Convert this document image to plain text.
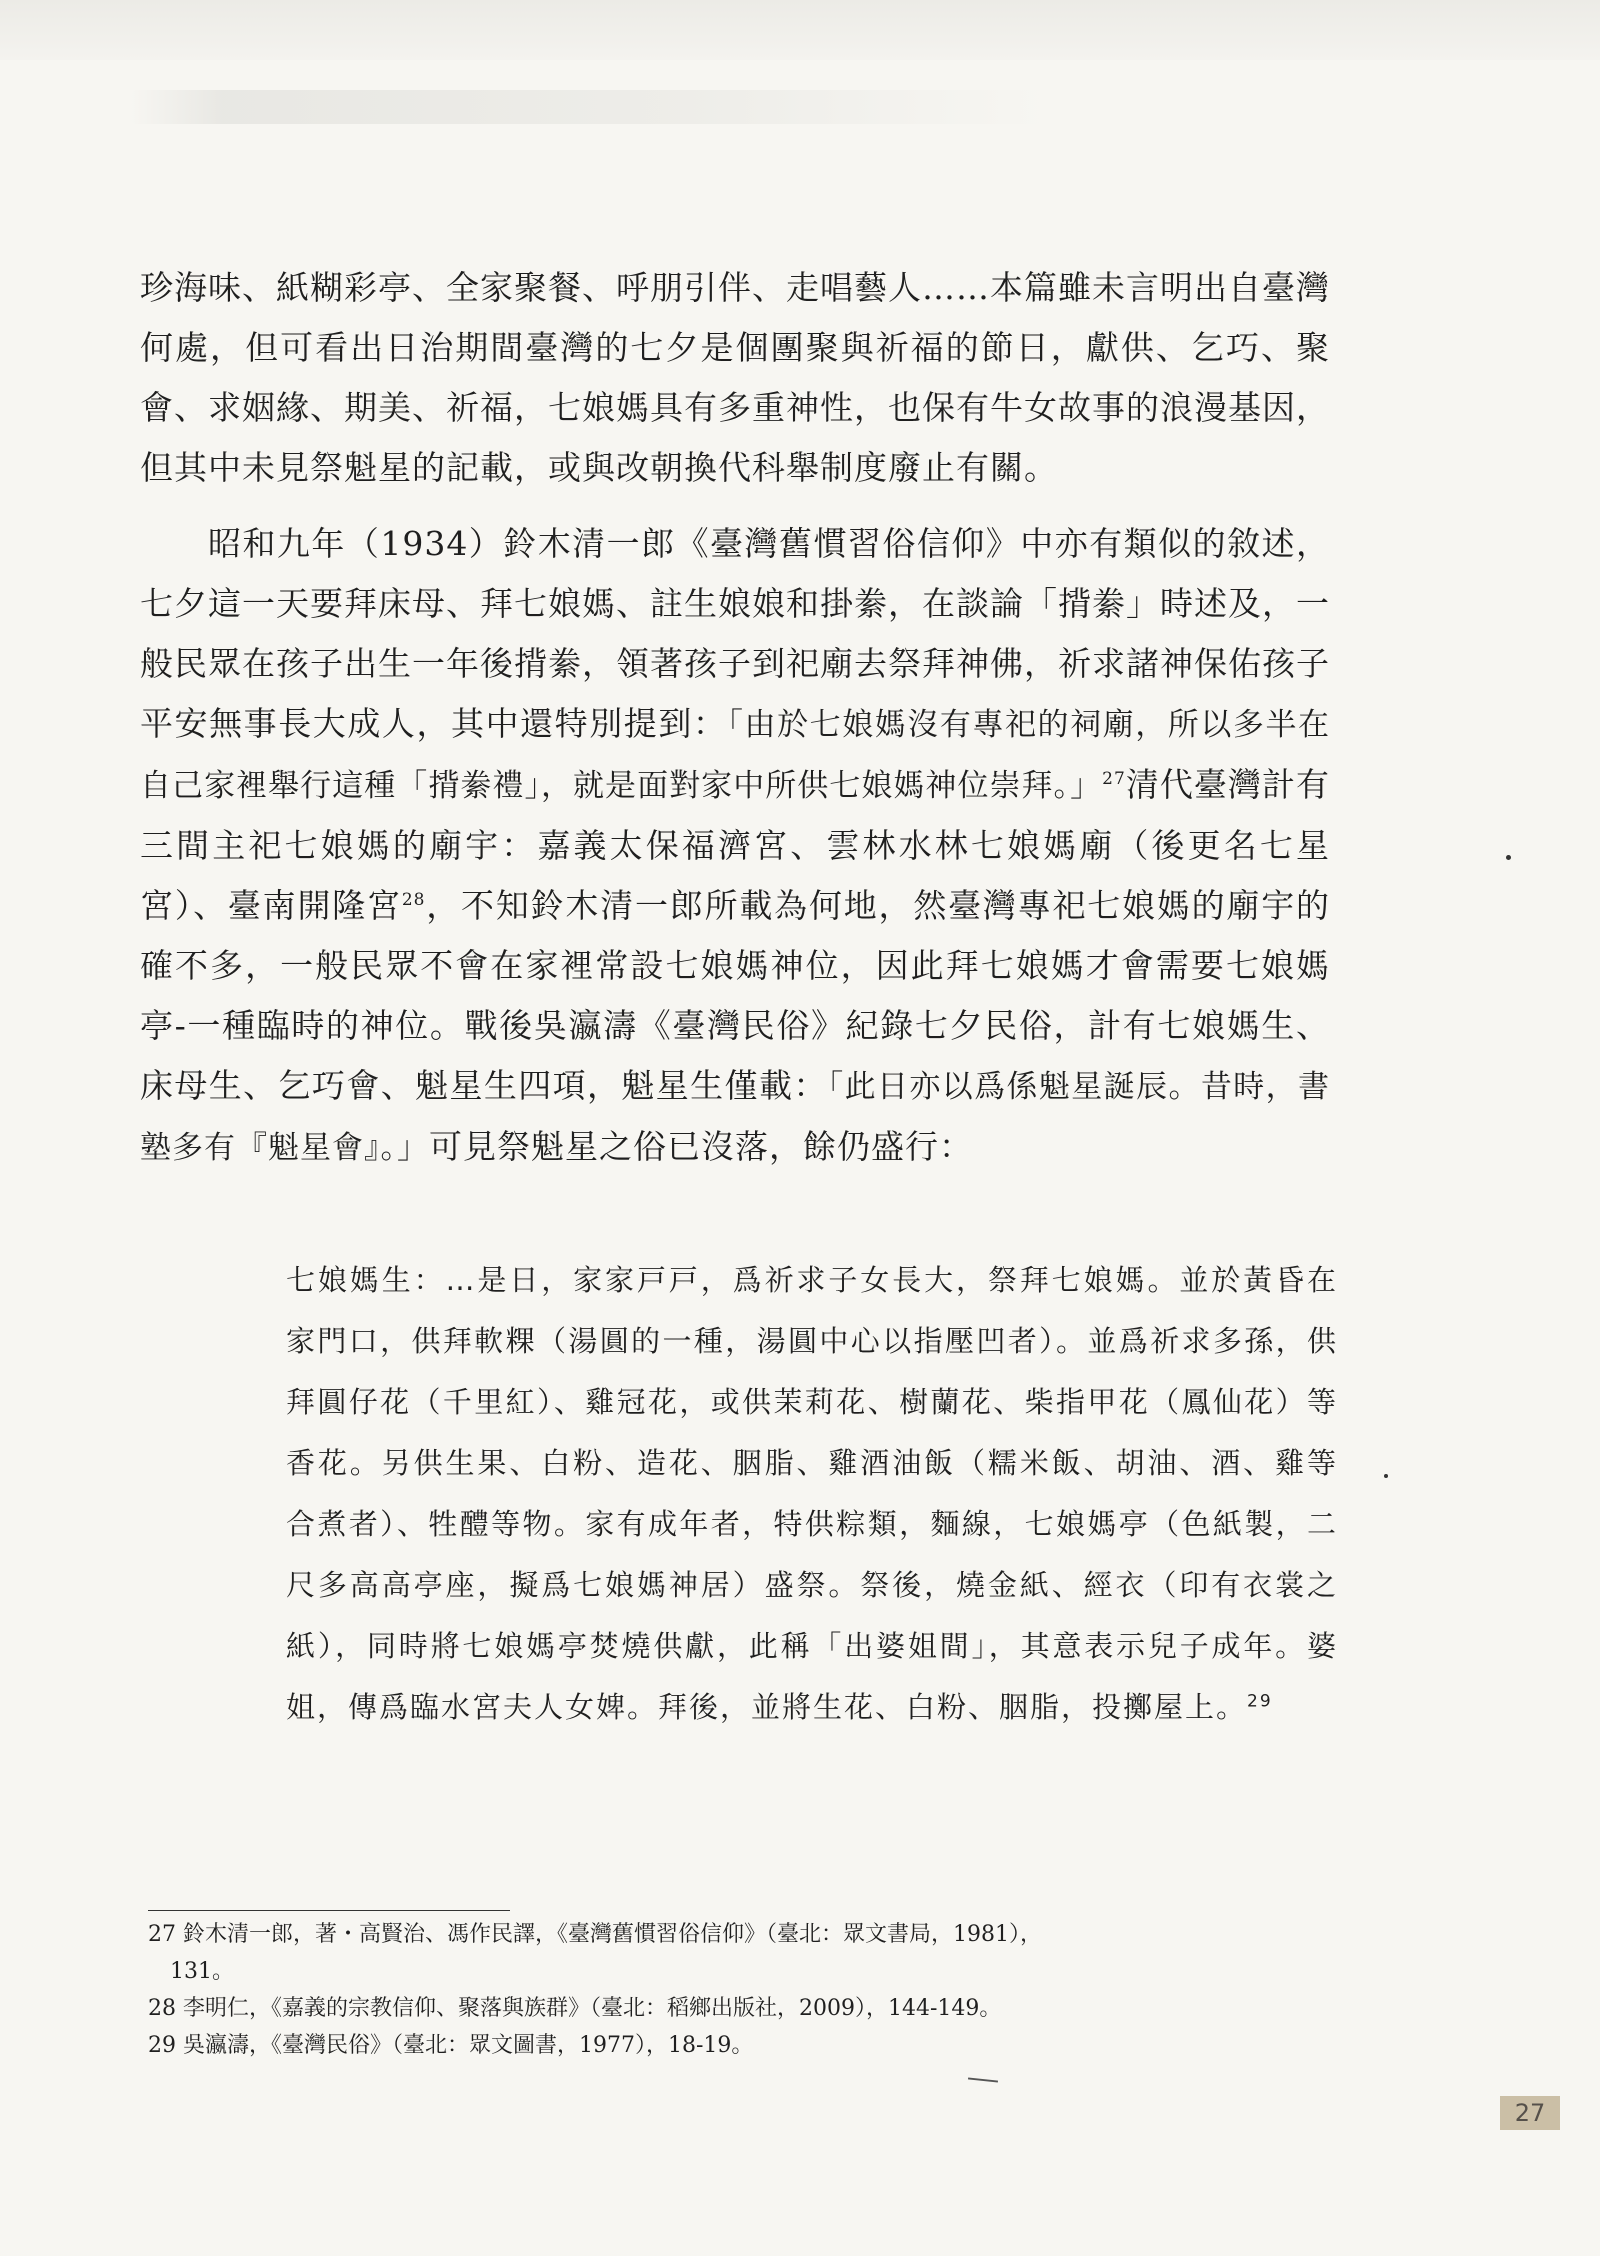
珍海味、紙糊彩亭、全家聚餐、呼朋引伴、走唱藝人……本篇雖未言明出自臺灣何處，但可看出日治期間臺灣的七夕是個團聚與祈福的節日，獻供、乞巧、聚會、求姻緣、期美、祈福，七娘媽具有多重神性，也保有牛女故事的浪漫基因，但其中未見祭魁星的記載，或與改朝換代科舉制度廢止有關。

昭和九年（1934）鈴木清一郎《臺灣舊慣習俗信仰》中亦有類似的敘述，七夕這一天要拜床母、拜七娘媽、註生娘娘和掛絭，在談論「揹絭」時述及，一般民眾在孩子出生一年後揹絭，領著孩子到祀廟去祭拜神佛，祈求諸神保佑孩子平安無事長大成人，其中還特別提到：「由於七娘媽沒有專祀的祠廟，所以多半在自己家裡舉行這種「揹絭禮」，就是面對家中所供七娘媽神位崇拜。」$^{27}$清代臺灣計有三間主祀七娘媽的廟宇：嘉義太保福濟宮、雲林水林七娘媽廟（後更名七星宮）、臺南開隆宮$^{28}$，不知鈴木清一郎所載為何地，然臺灣專祀七娘媽的廟宇的確不多，一般民眾不會在家裡常設七娘媽神位，因此拜七娘媽才會需要七娘媽亭-一種臨時的神位。戰後吳瀛濤《臺灣民俗》紀錄七夕民俗，計有七娘媽生、床母生、乞巧會、魁星生四項，魁星生僅載：「此日亦以爲係魁星誕辰。昔時，書塾多有『魁星會』。」可見祭魁星之俗已沒落，餘仍盛行：

七娘媽生：…是日，家家戸戸，爲祈求子女長大，祭拜七娘媽。並於黃昏在家門口，供拜軟粿（湯圓的一種，湯圓中心以指壓凹者）。並爲祈求多孫，供拜圓仔花（千里紅）、雞冠花，或供茉莉花、樹蘭花、柴指甲花（鳳仙花）等香花。另供生果、白粉、造花、胭脂、雞酒油飯（糯米飯、胡油、酒、雞等合煮者）、牲醴等物。家有成年者，特供粽類，麵線，七娘媽亭（色紙製，二尺多高高亭座，擬爲七娘媽神居）盛祭。祭後，燒金紙、經衣（印有衣裳之紙），同時將七娘媽亭焚燒供獻，此稱「出婆姐間」，其意表示兒子成年。婆姐，傳爲臨水宮夫人女婢。拜後，並將生花、白粉、胭脂，投擲屋上。$^{29}$

27 鈴木清一郎，著・高賢治、馮作民譯，《臺灣舊慣習俗信仰》（臺北：眾文書局，1981），
131。
28 李明仁，《嘉義的宗教信仰、聚落與族群》（臺北：稻鄉出版社，2009），144-149。
29 吳瀛濤，《臺灣民俗》（臺北：眾文圖書，1977），18-19。
27
